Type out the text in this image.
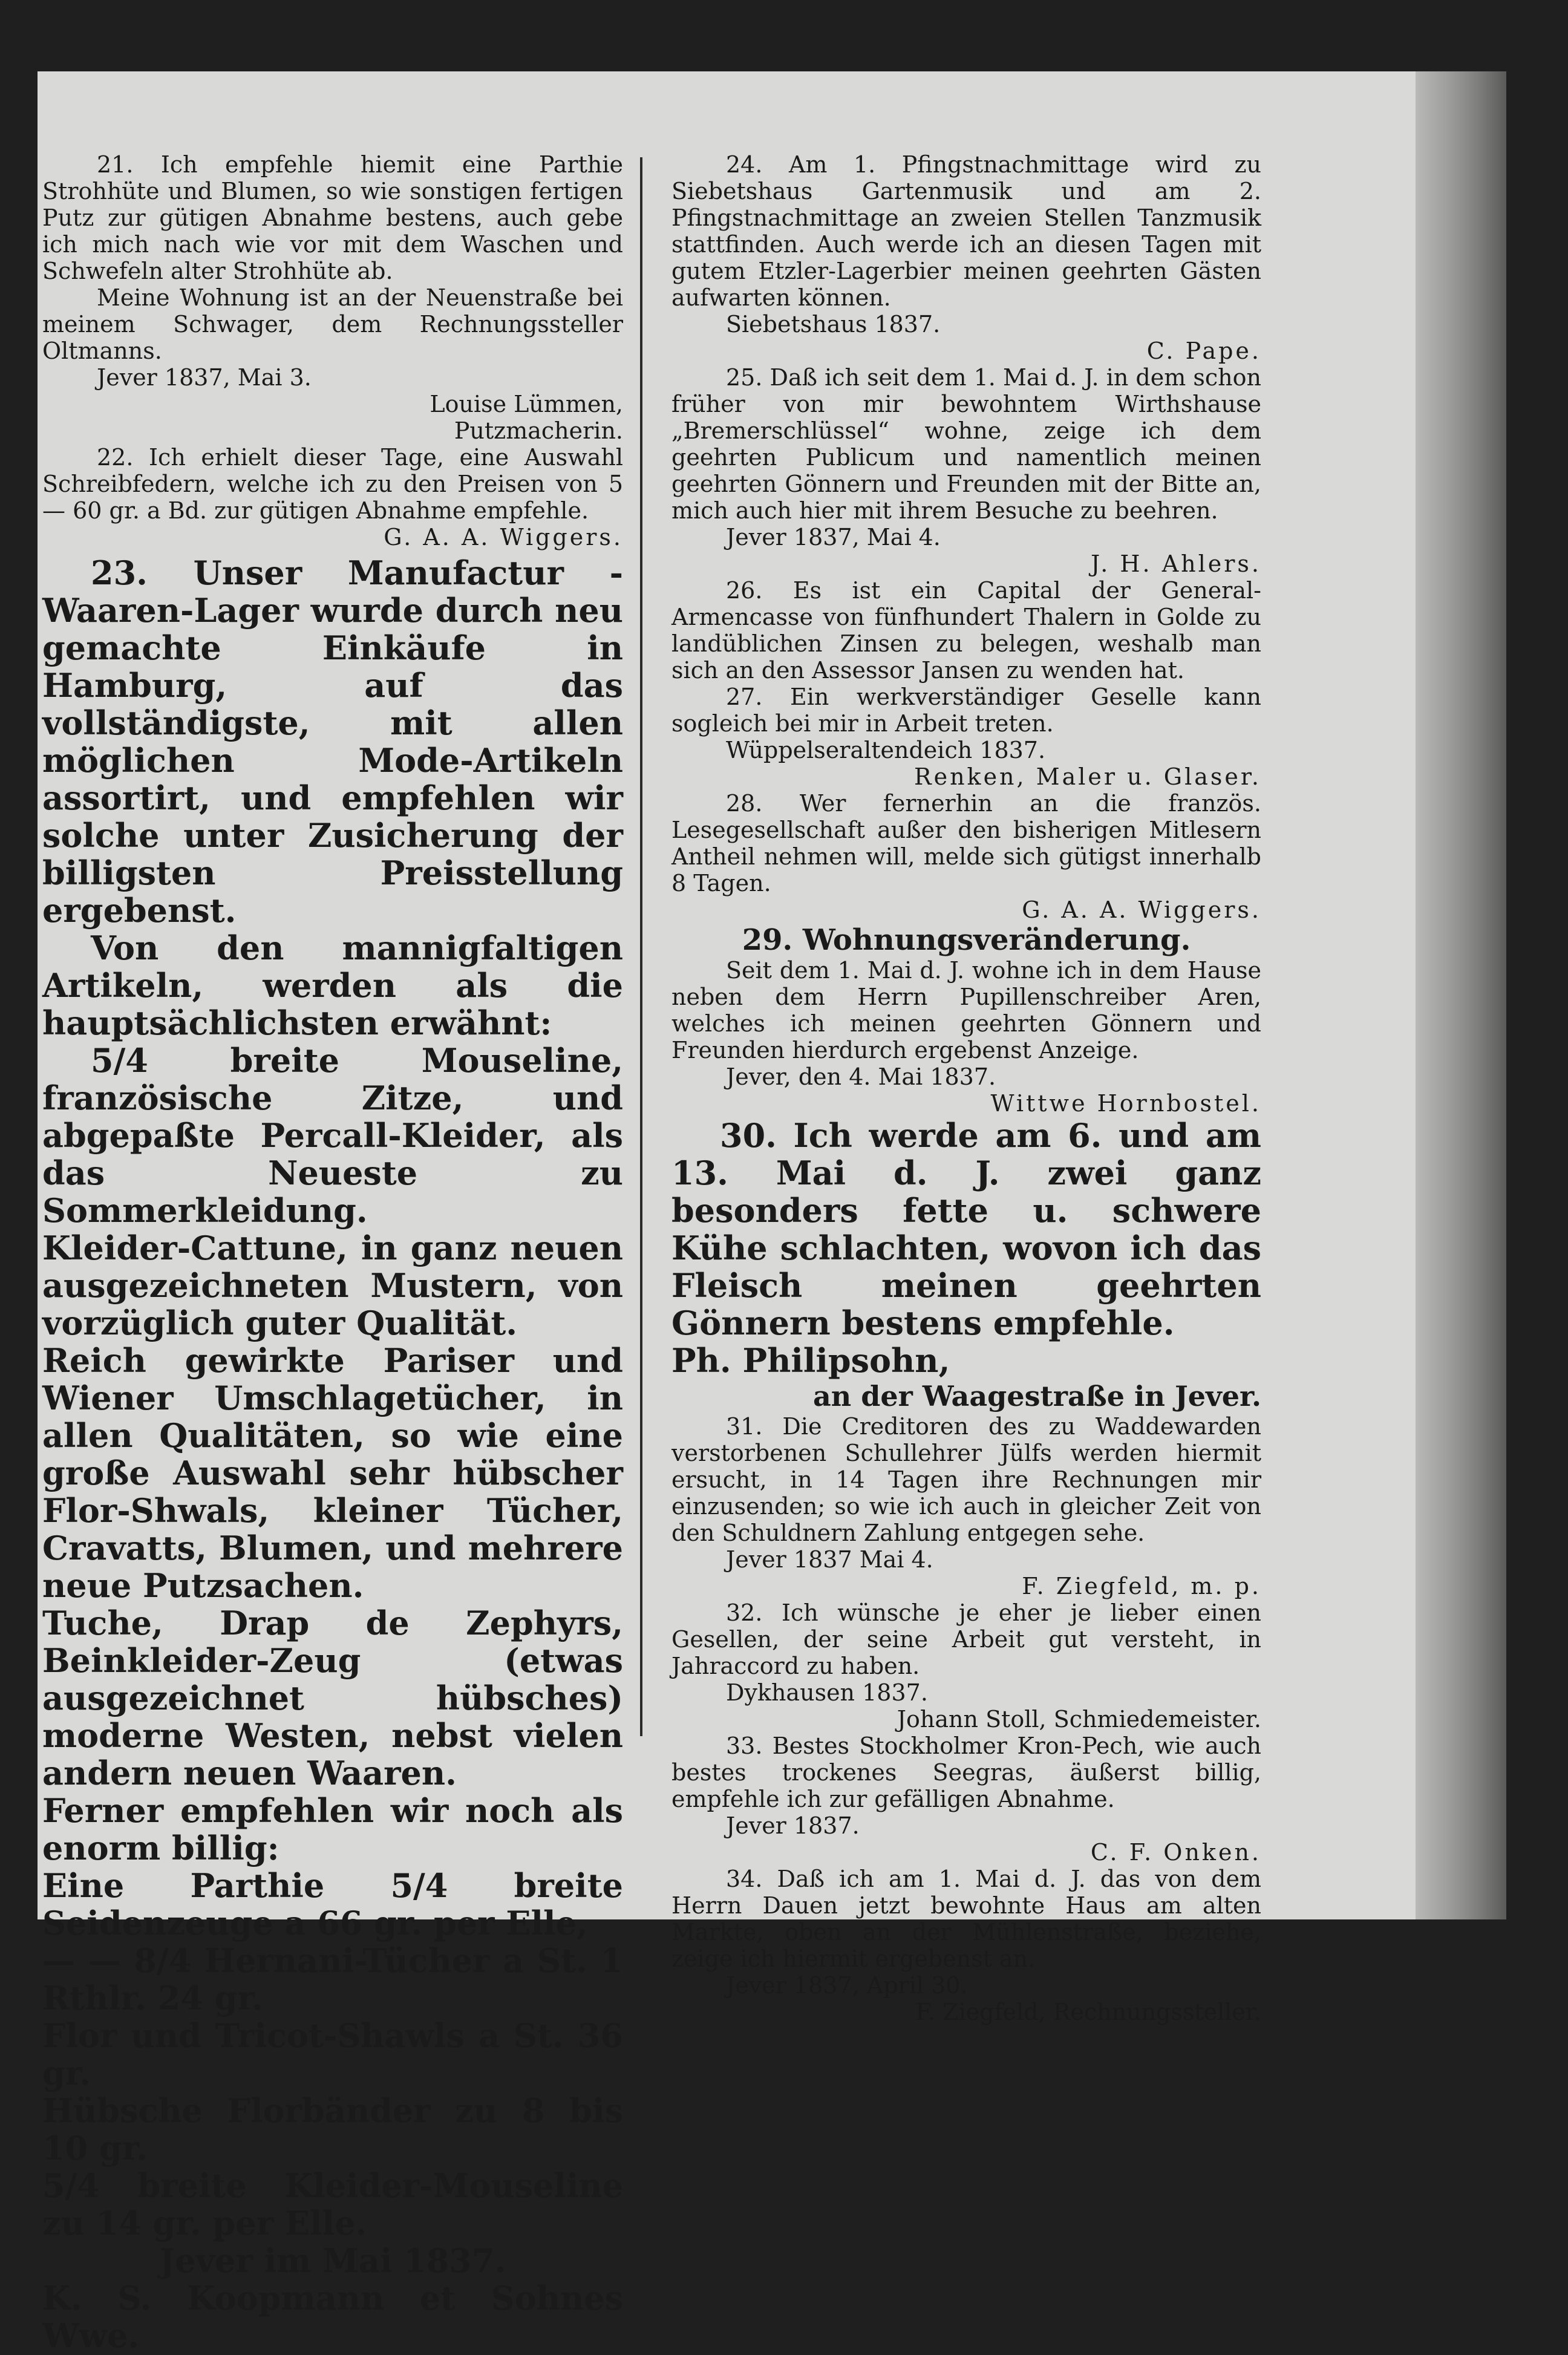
21. Ich empfehle hiemit eine Parthie Strohhüte und Blumen, so wie sonstigen fertigen Putz zur gütigen Abnahme bestens, auch gebe ich mich nach wie vor mit dem Waschen und Schwefeln alter Strohhüte ab.

Meine Wohnung ist an der Neuenstraße bei meinem Schwager, dem Rechnungssteller Oltmanns.

Jever 1837, Mai 3.

Louise Lümmen,

Putzmacherin.

22. Ich erhielt dieser Tage, eine Auswahl Schreibfedern, welche ich zu den Preisen von 5 — 60 gr. a Bd. zur gütigen Abnahme empfehle.

G. A. A. Wiggers.

23. Unser Manufactur - Waaren-Lager wurde durch neu gemachte Einkäufe in Hamburg, auf das vollständigste, mit allen möglichen Mode-Artikeln assortirt, und empfehlen wir solche unter Zusicherung der billigsten Preisstellung ergebenst.

Von den mannigfaltigen Artikeln, werden als die hauptsächlichsten erwähnt:

5/4 breite Mouseline, französische Zitze, und abgepaßte Percall-Kleider, als das Neueste zu Sommerkleidung.

Kleider-Cattune, in ganz neuen ausgezeichneten Mustern, von vorzüglich guter Qualität.

Reich gewirkte Pariser und Wiener Umschlagetücher, in allen Qualitäten, so wie eine große Auswahl sehr hübscher Flor-Shwals, kleiner Tücher, Cravatts, Blumen, und mehrere neue Putzsachen.

Tuche, Drap de Zephyrs, Beinkleider-Zeug (etwas ausgezeichnet hübsches) moderne Westen, nebst vielen andern neuen Waaren.

Ferner empfehlen wir noch als enorm billig:

Eine Parthie 5/4 breite Seidenzeuge a 66 gr. per Elle,

— — 8/4 Hernani-Tücher a St. 1 Rthlr. 24 gr.

Flor und Tricot-Shawls a St. 36 gr.

Hübsche Florbänder zu 8 bis 10 gr.

5/4 breite Kleider-Mouseline zu 14 gr. per Elle.

Jever im Mai 1837.

K. S. Koopmann et Sohnes Wwe.

24. Am 1. Pfingstnachmittage wird zu Siebetshaus Gartenmusik und am 2. Pfingstnachmittage an zweien Stellen Tanzmusik stattfinden. Auch werde ich an diesen Tagen mit gutem Etzler-Lagerbier meinen geehrten Gästen aufwarten können.

Siebetshaus 1837.

C. Pape.

25. Daß ich seit dem 1. Mai d. J. in dem schon früher von mir bewohntem Wirthshause „Bremerschlüssel“ wohne, zeige ich dem geehrten Publicum und namentlich meinen geehrten Gönnern und Freunden mit der Bitte an, mich auch hier mit ihrem Besuche zu beehren.

Jever 1837, Mai 4.

J. H. Ahlers.

26. Es ist ein Capital der General-Armencasse von fünfhundert Thalern in Golde zu landüblichen Zinsen zu belegen, weshalb man sich an den Assessor Jansen zu wenden hat.

27. Ein werkverständiger Geselle kann sogleich bei mir in Arbeit treten.

Wüppelseraltendeich 1837.

Renken, Maler u. Glaser.

28. Wer fernerhin an die französ. Lesegesellschaft außer den bisherigen Mitlesern Antheil nehmen will, melde sich gütigst innerhalb 8 Tagen.

G. A. A. Wiggers.

29. Wohnungsveränderung.

Seit dem 1. Mai d. J. wohne ich in dem Hause neben dem Herrn Pupillenschreiber Aren, welches ich meinen geehrten Gönnern und Freunden hierdurch ergebenst Anzeige.

Jever, den 4. Mai 1837.

Wittwe Hornbostel.

30. Ich werde am 6. und am 13. Mai d. J. zwei ganz besonders fette u. schwere Kühe schlachten, wovon ich das Fleisch meinen geehrten Gönnern bestens empfehle.

Ph. Philipsohn,

an der Waagestraße in Jever.

31. Die Creditoren des zu Waddewarden verstorbenen Schullehrer Jülfs werden hiermit ersucht, in 14 Tagen ihre Rechnungen mir einzusenden; so wie ich auch in gleicher Zeit von den Schuldnern Zahlung entgegen sehe.

Jever 1837 Mai 4.

F. Ziegfeld, m. p.

32. Ich wünsche je eher je lieber einen Gesellen, der seine Arbeit gut versteht, in Jahraccord zu haben.

Dykhausen 1837.

Johann Stoll, Schmiedemeister.

33. Bestes Stockholmer Kron-Pech, wie auch bestes trockenes Seegras, äußerst billig, empfehle ich zur gefälligen Abnahme.

Jever 1837.

C. F. Onken.

34. Daß ich am 1. Mai d. J. das von dem Herrn Dauen jetzt bewohnte Haus am alten Markte, oben an der Mühlenstraße, beziehe, zeige ich hiermit ergebenst an.

Jever 1837, April 30.

F. Ziegfeld, Rechnungssteller.
